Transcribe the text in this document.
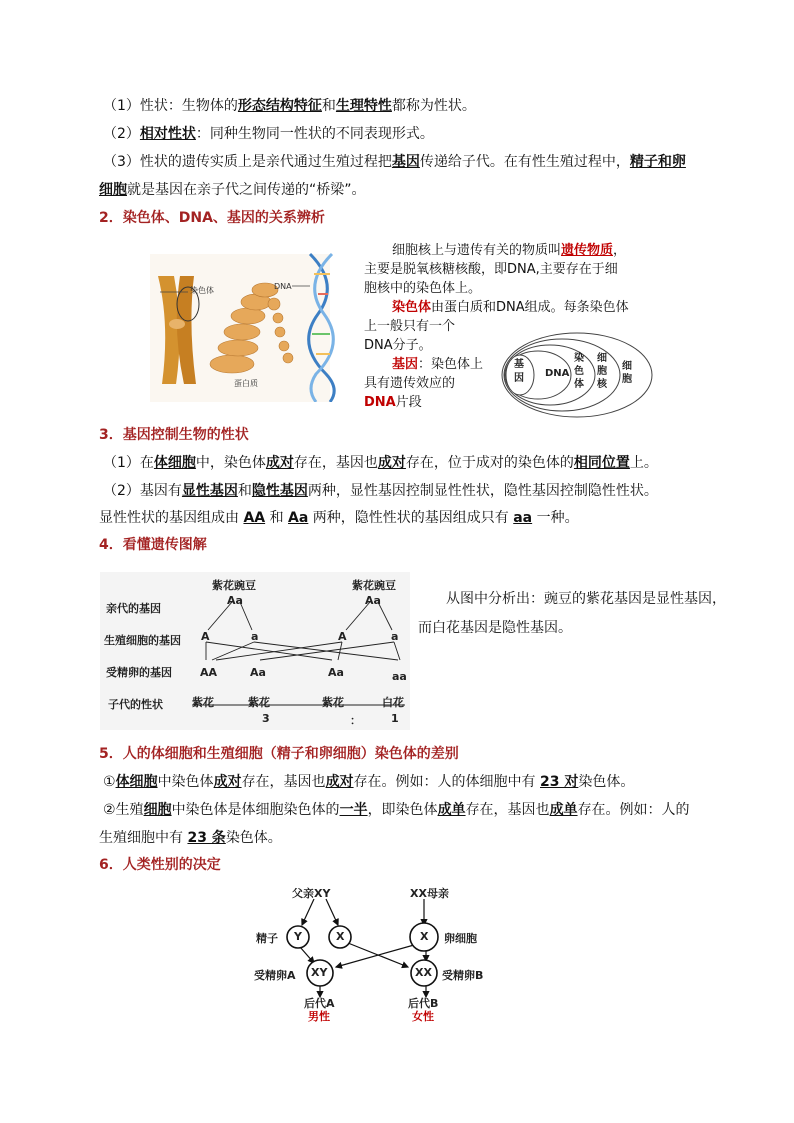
（1）性状：生物体的形态结构特征和生理特性都称为性状。
（2）相对性状：同种生物同一性状的不同表现形式。
（3）性状的遗传实质上是亲代通过生殖过程把基因传递给子代。在有性生殖过程中，精子和卵
细胞就是基因在亲子代之间传递的“桥梁”。
2．染色体、DNA、基因的关系辨析
染色体	DNA
蛋白质
细胞核上与遗传有关的物质叫遗传物质，
主要是脱氧核糖核酸，即DNA,主要存在于细
胞核中的染色体上。
染色体由蛋白质和DNA组成。每条染色体
上一般只有一个
DNA分子。
基因：染色体上
具有遗传效应的
DNA片段
基因 DNA
染色体
细胞核
细胞
3．基因控制生物的性状
（1）在体细胞中，染色体成对存在，基因也成对存在，位于成对的染色体的相同位置上。
（2）基因有显性基因和隐性基因两种，显性基因控制显性性状，隐性基因控制隐性性状。
显性性状的基因组成由 AA 和 Aa 两种，隐性性状的基因组成只有 aa 一种。
4．看懂遗传图解
亲代的基因
生殖细胞的基因
受精卵的基因
子代的性状
紫花豌豆	紫花豌豆
Aa	Aa
A	a	A	a
AA	Aa	Aa	aa
紫花	紫花	紫花	白花
3	：	1
从图中分析出：豌豆的紫花基因是显性基因，
而白花基因是隐性基因。
5．人的体细胞和生殖细胞（精子和卵细胞）染色体的差别
①体细胞中染色体成对存在，基因也成对存在。例如：人的体细胞中有 23 对染色体。
②生殖细胞中染色体是体细胞染色体的一半，即染色体成单存在，基因也成单存在。例如：人的
生殖细胞中有 23 条染色体。
6．人类性别的决定
父亲XY	XX母亲
精子	卵细胞
Y	X	X
XY	XX
受精卵A	受精卵B
后代A	后代B
男性	女性
